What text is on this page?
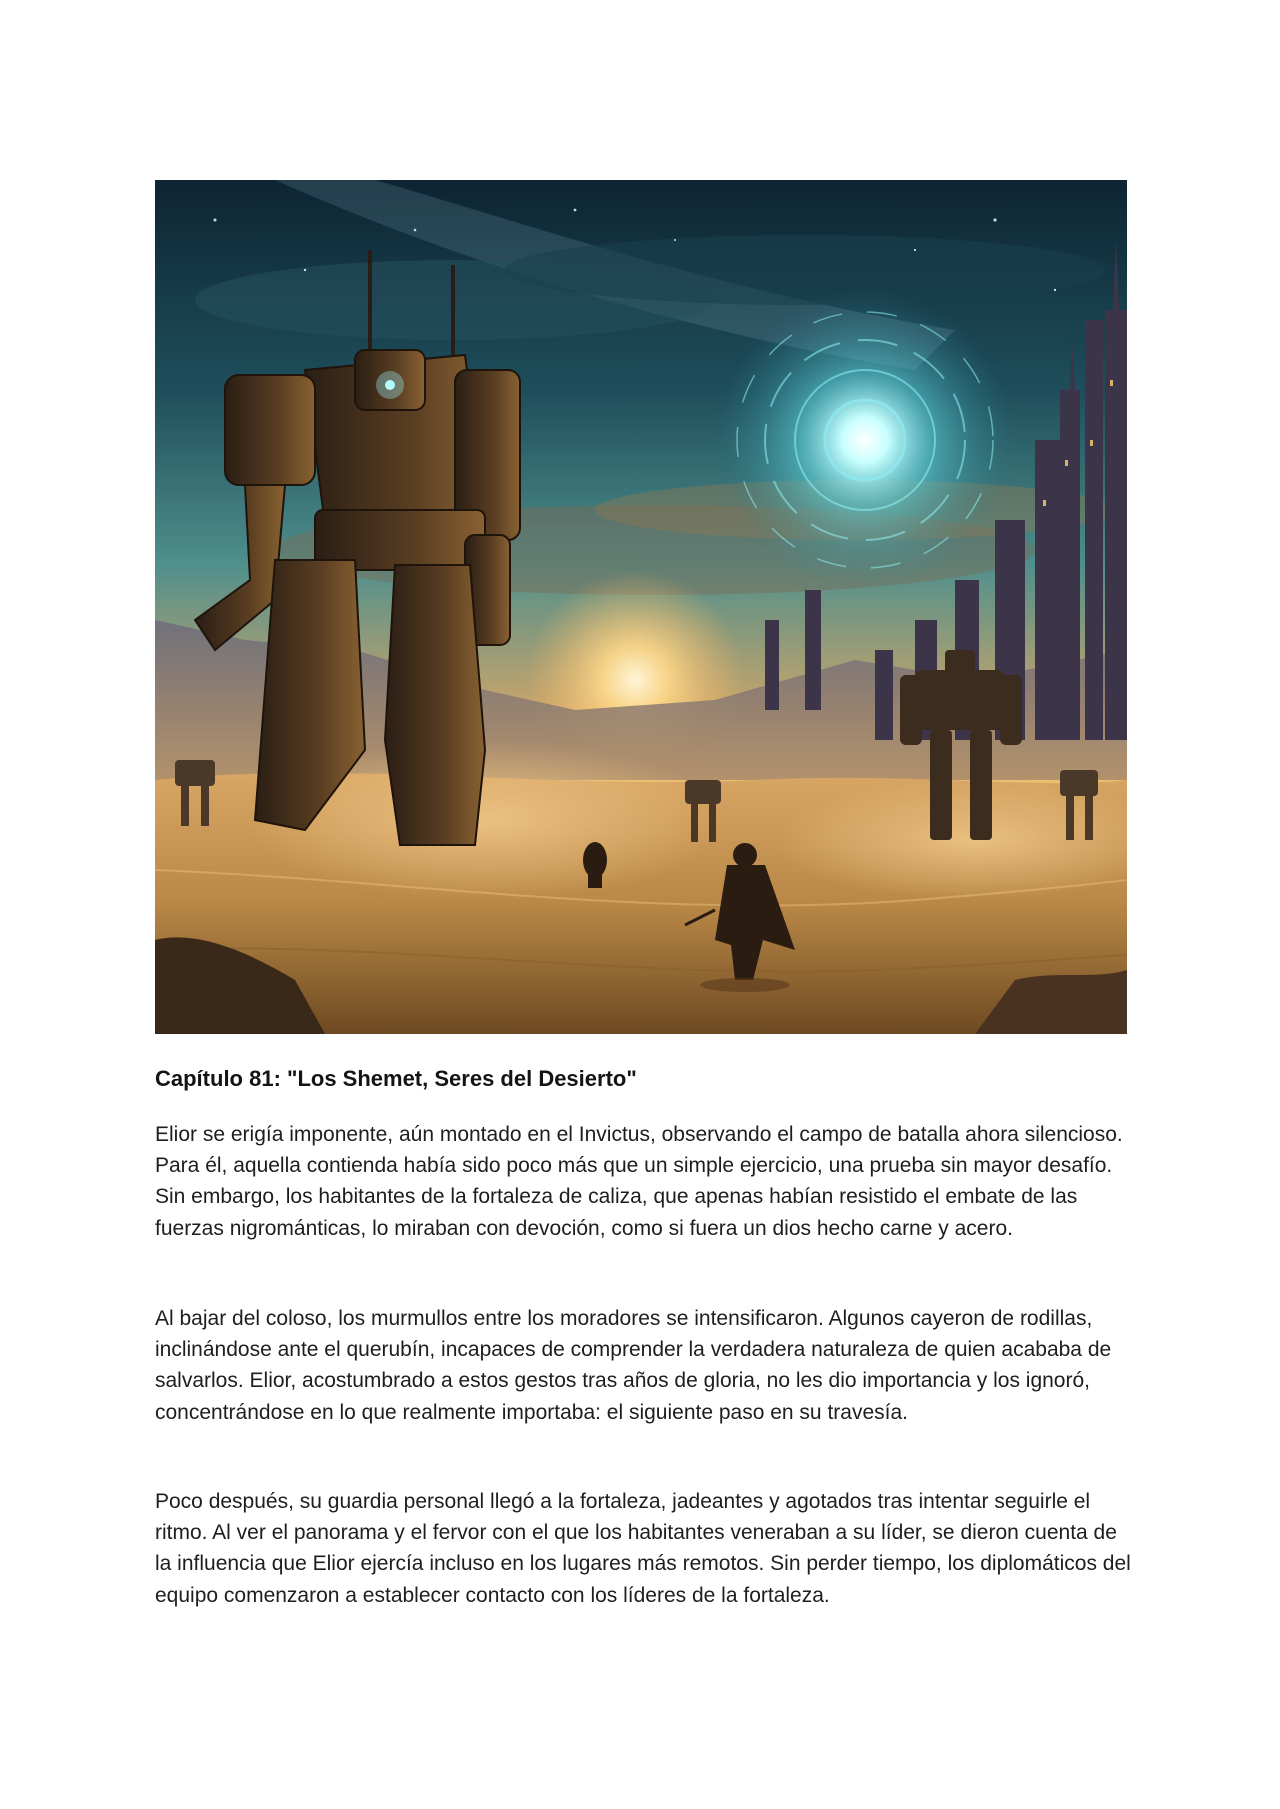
Capítulo 81: "Los Shemet, Seres del Desierto"

Elior se erigía imponente, aún montado en el Invictus, observando el campo de batalla ahora silencioso. Para él, aquella contienda había sido poco más que un simple ejercicio, una prueba sin mayor desafío. Sin embargo, los habitantes de la fortaleza de caliza, que apenas habían resistido el embate de las fuerzas nigrománticas, lo miraban con devoción, como si fuera un dios hecho carne y acero.

Al bajar del coloso, los murmullos entre los moradores se intensificaron. Algunos cayeron de rodillas, inclinándose ante el querubín, incapaces de comprender la verdadera naturaleza de quien acababa de salvarlos. Elior, acostumbrado a estos gestos tras años de gloria, no les dio importancia y los ignoró, concentrándose en lo que realmente importaba: el siguiente paso en su travesía.

Poco después, su guardia personal llegó a la fortaleza, jadeantes y agotados tras intentar seguirle el ritmo. Al ver el panorama y el fervor con el que los habitantes veneraban a su líder, se dieron cuenta de la influencia que Elior ejercía incluso en los lugares más remotos. Sin perder tiempo, los diplomáticos del equipo comenzaron a establecer contacto con los líderes de la fortaleza.
